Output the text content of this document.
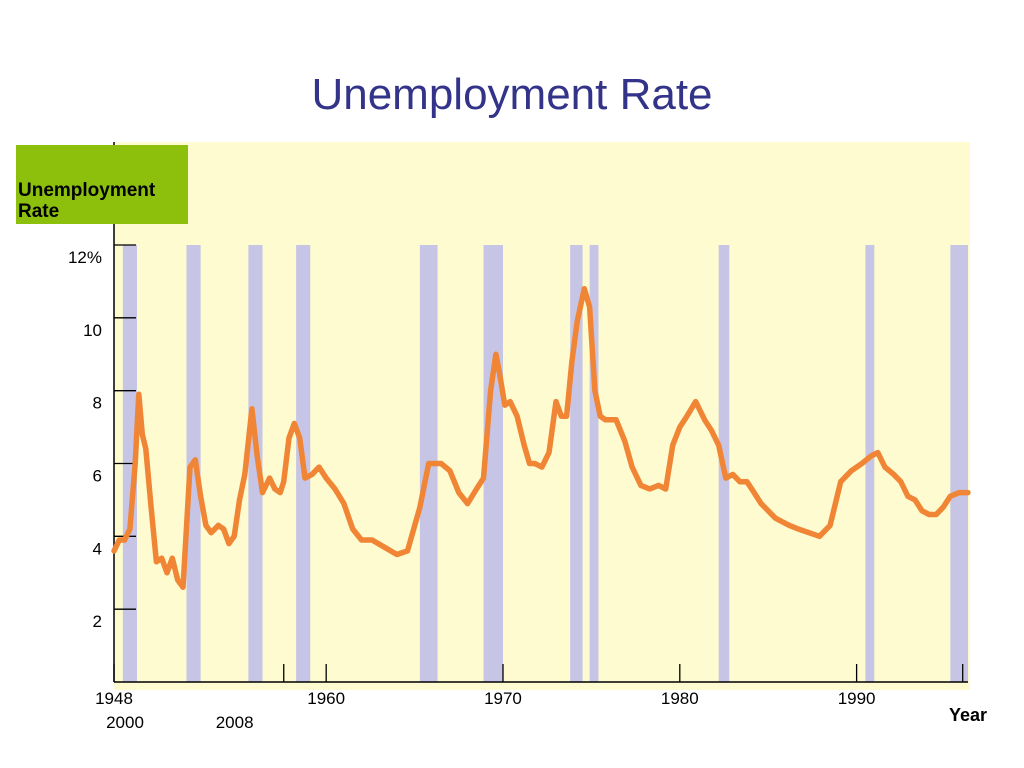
Unemployment Rate
2
4
6
8
10
12%
1948	1960	1970	1980	1990
2000	2008	Year
Unemployment
Rate
